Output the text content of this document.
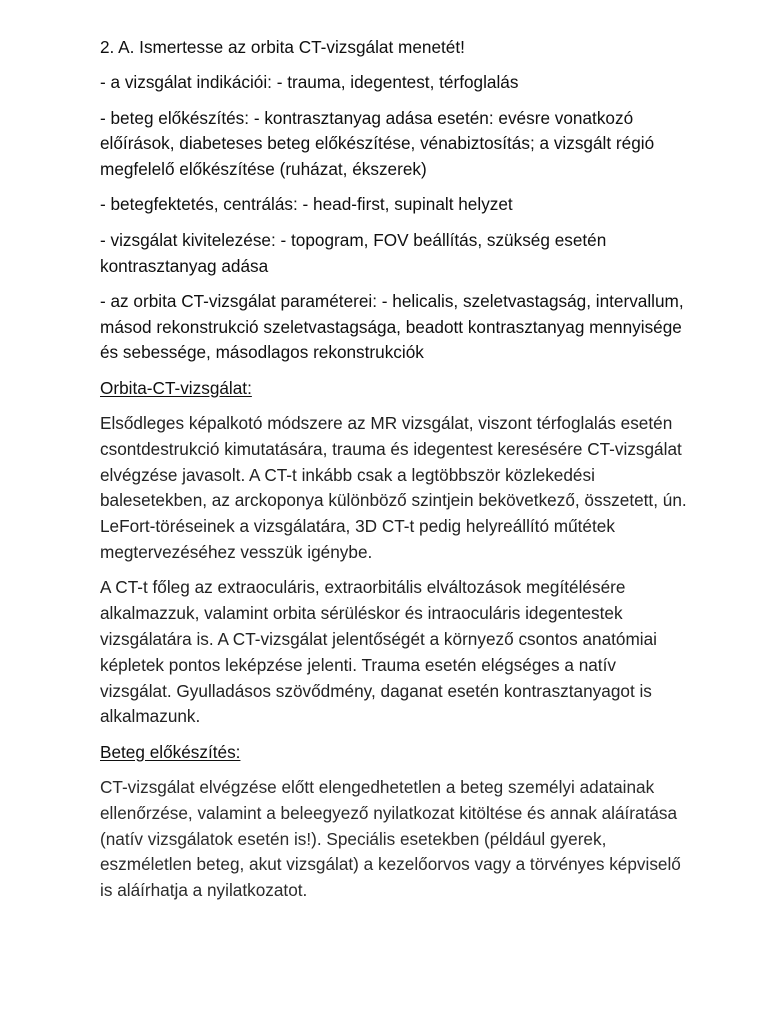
2. A. Ismertesse az orbita CT-vizsgálat menetét!

- a vizsgálat indikációi: - trauma, idegentest, térfoglalás

- beteg előkészítés: - kontrasztanyag adása esetén: evésre vonatkozó előírások, diabeteses beteg előkészítése, vénabiztosítás; a vizsgált régió megfelelő előkészítése (ruházat, ékszerek)

- betegfektetés, centrálás: - head-first, supinalt helyzet

- vizsgálat kivitelezése: - topogram, FOV beállítás, szükség esetén kontrasztanyag adása

- az orbita CT-vizsgálat paraméterei: - helicalis, szeletvastagság, intervallum, másod rekonstrukció szeletvastagsága, beadott kontrasztanyag mennyisége és sebessége, másodlagos rekonstrukciók

Orbita-CT-vizsgálat:

Elsődleges képalkotó módszere az MR vizsgálat, viszont térfoglalás esetén csontdestrukció kimutatására, trauma és idegentest keresésére CT-vizsgálat elvégzése javasolt. A CT-t inkább csak a legtöbbször közlekedési balesetekben, az arckoponya különböző szintjein bekövetkező, összetett, ún. LeFort-töréseinek a vizsgálatára, 3D CT-t pedig helyreállító műtétek megtervezéséhez vesszük igénybe.

A CT-t főleg az extraoculáris, extraorbitális elváltozások megítélésére alkalmazzuk, valamint orbita sérüléskor és intraoculáris idegentestek vizsgálatára is. A CT-vizsgálat jelentőségét a környező csontos anatómiai képletek pontos leképzése jelenti. Trauma esetén elégséges a natív vizsgálat. Gyulladásos szövődmény, daganat esetén kontrasztanyagot is alkalmazunk.

Beteg előkészítés:

CT-vizsgálat elvégzése előtt elengedhetetlen a beteg személyi adatainak ellenőrzése, valamint a beleegyező nyilatkozat kitöltése és annak aláíratása (natív vizsgálatok esetén is!). Speciális esetekben (például gyerek, eszméletlen beteg, akut vizsgálat) a kezelőorvos vagy a törvényes képviselő is aláírhatja a nyilatkozatot.
